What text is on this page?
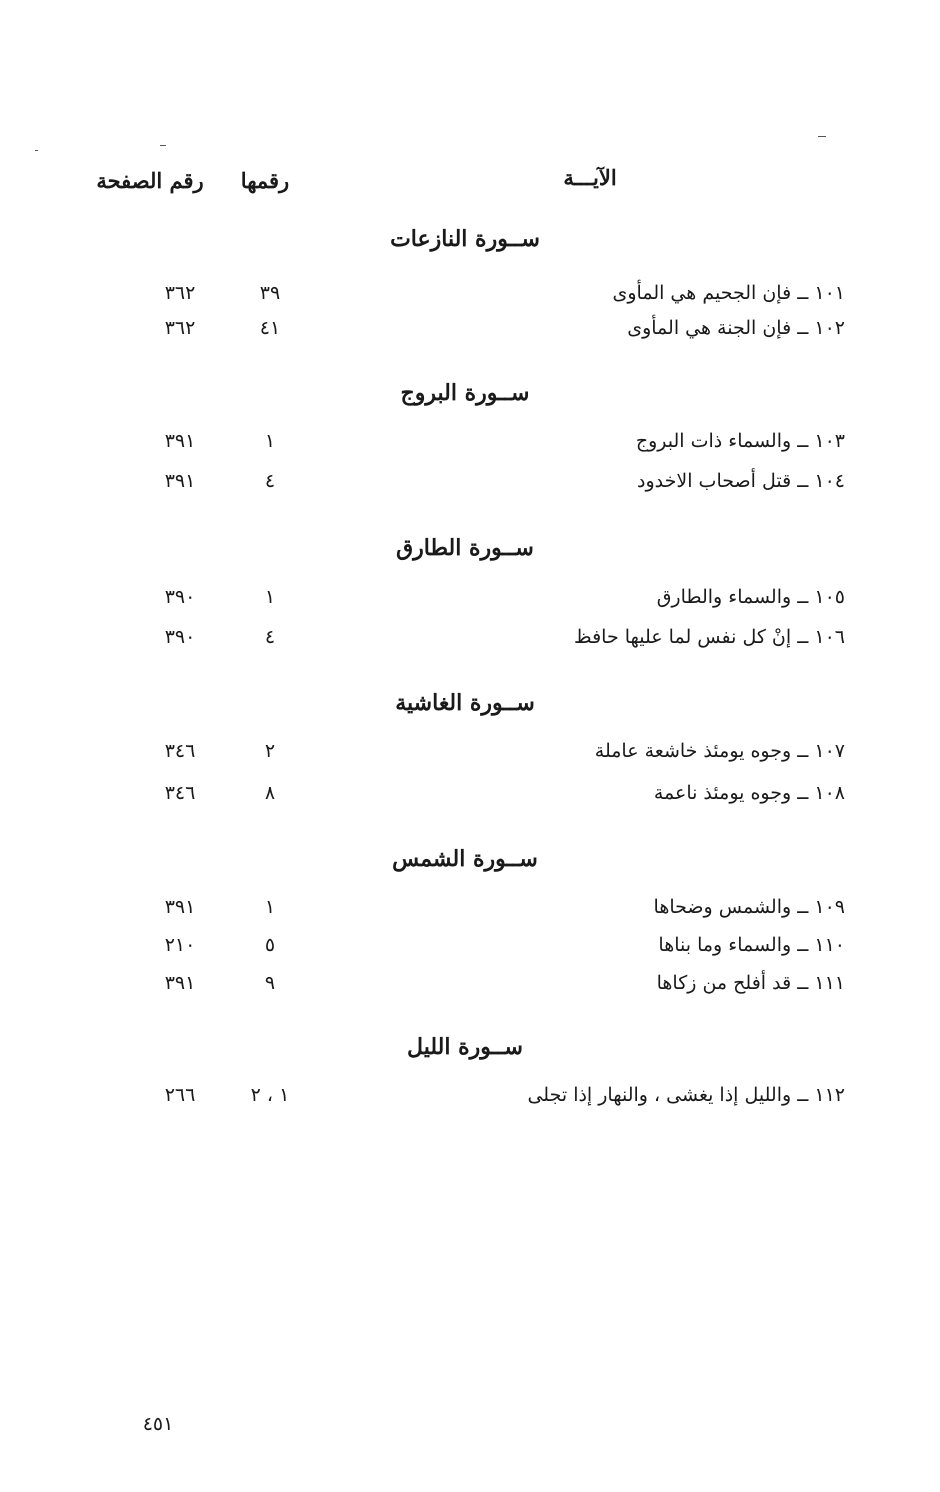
رقم الصفحة	رقمها	الآيـــة
ســورة النازعات
١٠١ ــ فإن الجحيم هي المأوى
٣٩
٣٦٢
١٠٢ ــ فإن الجنة هي المأوى
٤١
٣٦٢
ســورة البروج
١٠٣ ــ والسماء ذات البروج
١
٣٩١
١٠٤ ــ قتل أصحاب الاخدود
٤
٣٩١
ســورة الطارق
١٠٥ ــ والسماء والطارق
١
٣٩٠
١٠٦ ــ إنْ كل نفس لما عليها حافظ
٤
٣٩٠
ســورة الغاشية
١٠٧ ــ وجوه يومئذ خاشعة عاملة
٢
٣٤٦
١٠٨ ــ وجوه يومئذ ناعمة
٨
٣٤٦
ســورة الشمس
١٠٩ ــ والشمس وضحاها
١
٣٩١
١١٠ ــ والسماء وما بناها
٥
٢١٠
١١١ ــ قد أفلح من زكاها
٩
٣٩١
ســورة الليل
١١٢ ــ والليل إذا يغشى ، والنهار إذا تجلى
١ ، ٢
٢٦٦
٤٥١
